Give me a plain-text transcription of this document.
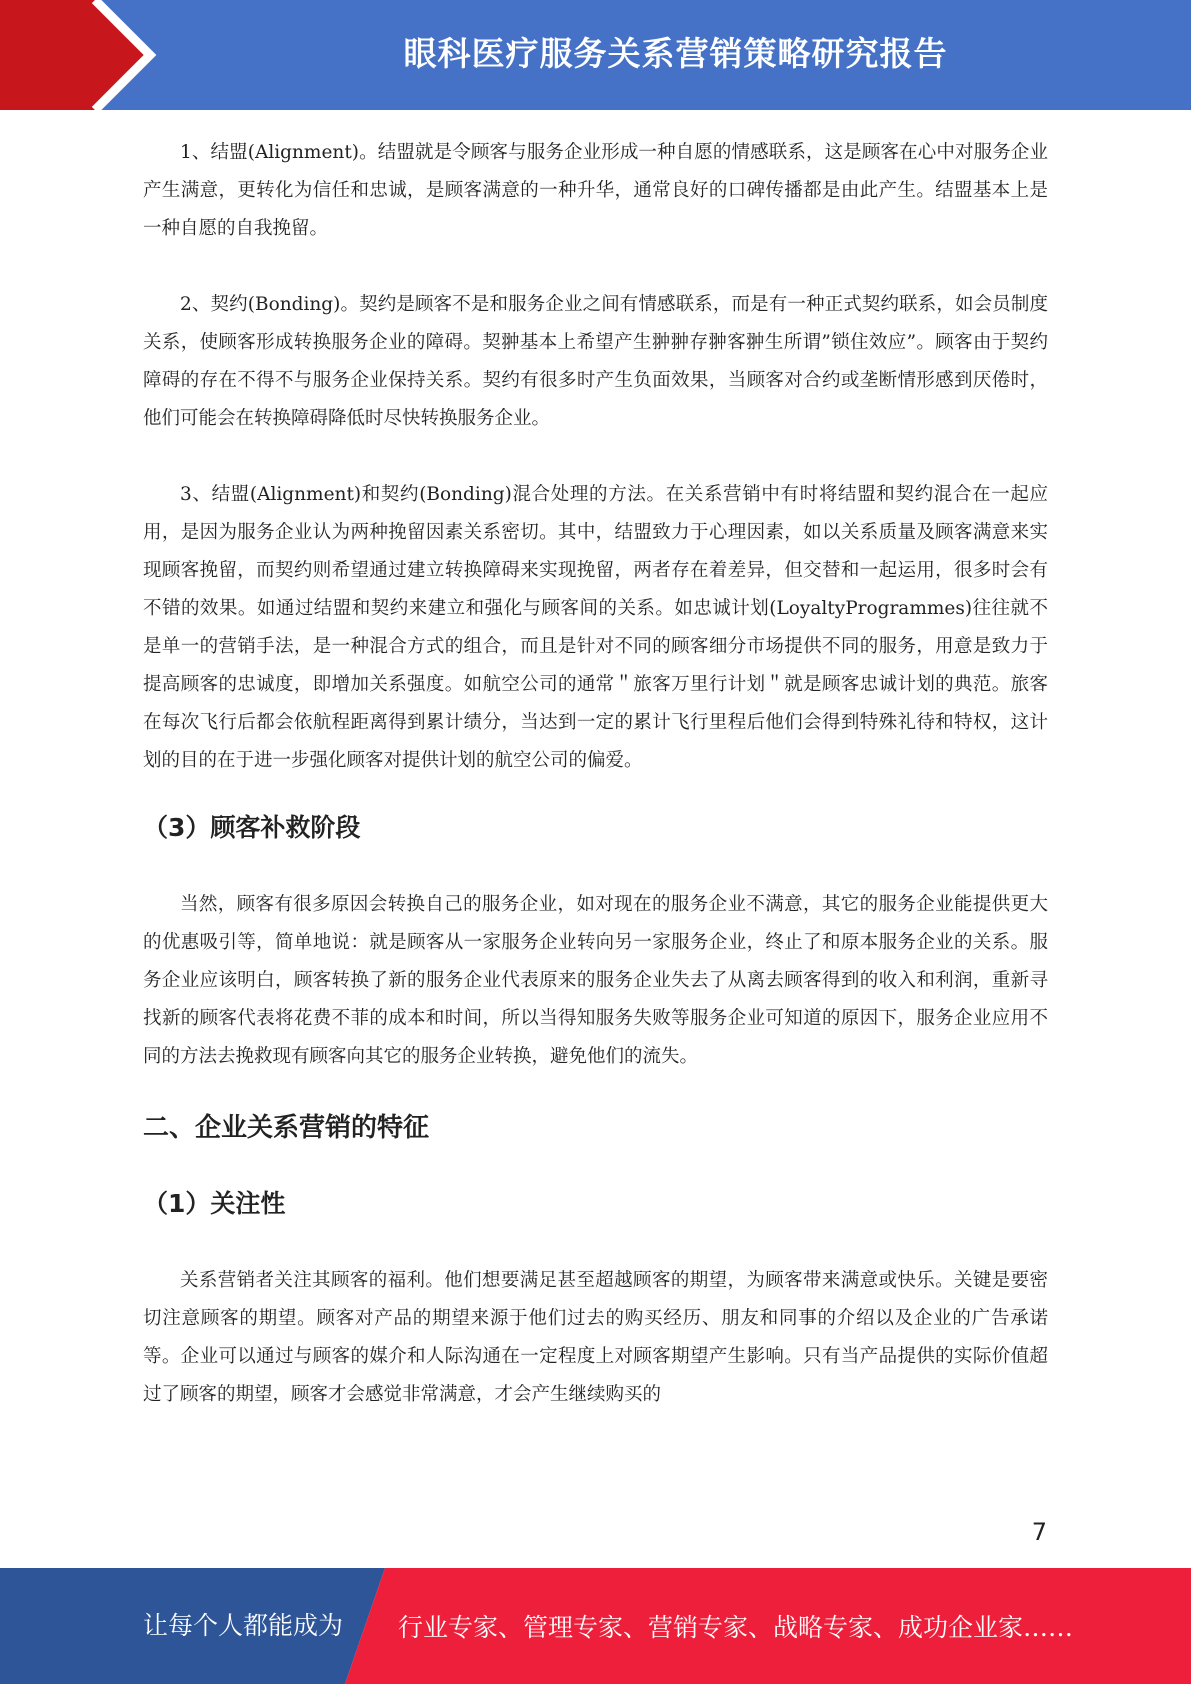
眼科医疗服务关系营销策略研究报告

1、结盟(Alignment)。结盟就是令顾客与服务企业形成一种自愿的情感联系，这是顾客在心中对服务企业产生满意，更转化为信任和忠诚，是顾客满意的一种升华，通常良好的口碑传播都是由此产生。结盟基本上是一种自愿的自我挽留。

2、契约(Bonding)。契约是顾客不是和服务企业之间有情感联系，而是有一种正式契约联系，如会员制度关系，使顾客形成转换服务企业的障碍。契翀基本上希望产生翀翀存翀客翀生所谓”锁住效应”。顾客由于契约障碍的存在不得不与服务企业保持关系。契约有很多时产生负面效果，当顾客对合约或垄断情形感到厌倦时，他们可能会在转换障碍降低时尽快转换服务企业。

3、结盟(Alignment)和契约(Bonding)混合处理的方法。在关系营销中有时将结盟和契约混合在一起应用，是因为服务企业认为两种挽留因素关系密切。其中，结盟致力于心理因素，如以关系质量及顾客满意来实现顾客挽留，而契约则希望通过建立转换障碍来实现挽留，两者存在着差异，但交替和一起运用，很多时会有不错的效果。如通过结盟和契约来建立和强化与顾客间的关系。如忠诚计划(LoyaltyProgrammes)往往就不是单一的营销手法，是一种混合方式的组合，而且是针对不同的顾客细分市场提供不同的服务，用意是致力于提高顾客的忠诚度，即增加关系强度。如航空公司的通常＂旅客万里行计划＂就是顾客忠诚计划的典范。旅客在每次飞行后都会依航程距离得到累计绩分，当达到一定的累计飞行里程后他们会得到特殊礼待和特权，这计划的目的在于进一步强化顾客对提供计划的航空公司的偏爱。

（3）顾客补救阶段

当然，顾客有很多原因会转换自己的服务企业，如对现在的服务企业不满意，其它的服务企业能提供更大的优惠吸引等，简单地说：就是顾客从一家服务企业转向另一家服务企业，终止了和原本服务企业的关系。服务企业应该明白，顾客转换了新的服务企业代表原来的服务企业失去了从离去顾客得到的收入和利润，重新寻找新的顾客代表将花费不菲的成本和时间，所以当得知服务失败等服务企业可知道的原因下，服务企业应用不同的方法去挽救现有顾客向其它的服务企业转换，避免他们的流失。

二、企业关系营销的特征
（1）关注性

关系营销者关注其顾客的福利。他们想要满足甚至超越顾客的期望，为顾客带来满意或快乐。关键是要密切注意顾客的期望。顾客对产品的期望来源于他们过去的购买经历、朋友和同事的介绍以及企业的广告承诺等。企业可以通过与顾客的媒介和人际沟通在一定程度上对顾客期望产生影响。只有当产品提供的实际价值超过了顾客的期望，顾客才会感觉非常满意，才会产生继续购买的

7
让每个人都能成为 行业专家、管理专家、营销专家、战略专家、成功企业家……
